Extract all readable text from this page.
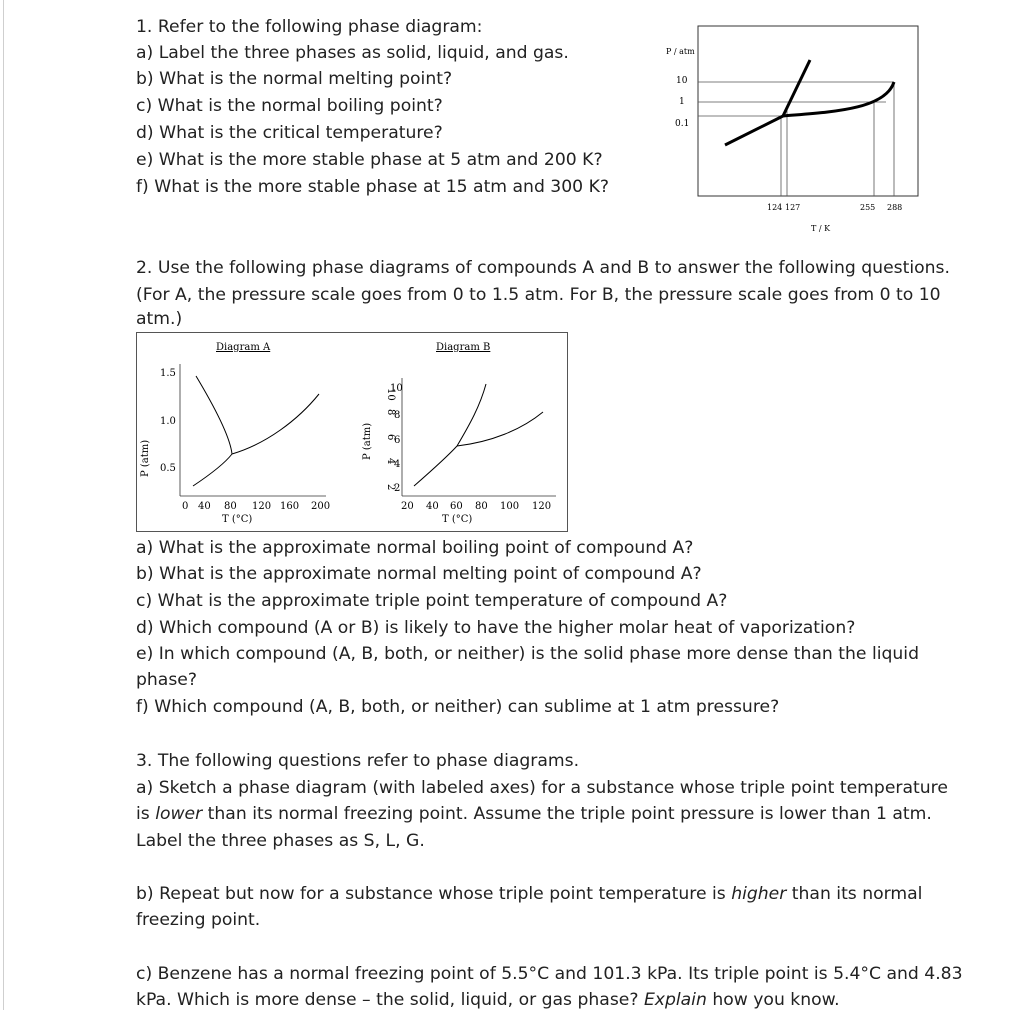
1. Refer to the following phase diagram:
a) Label the three phases as solid, liquid, and gas.
b) What is the normal melting point?
c) What is the normal boiling point?
d) What is the critical temperature?
e) What is the more stable phase at 5 atm and 200 K?
f) What is the more stable phase at 15 atm and 300 K?
P / atm
10
1
0.1
124 127	255 288
T / K
2. Use the following phase diagrams of compounds A and B to answer the following questions.
(For A, the pressure scale goes from 0 to 1.5 atm. For B, the pressure scale goes from 0 to 10
atm.)
Diagram A
P (atm)
1.5
1.0
0.5
0 40 80 120 160 200
T (°C)
Diagram B
P (atm)
10
8
6
4
2
10
8
6
4
2
20 40 60 80 100 120
T (°C)
a) What is the approximate normal boiling point of compound A?
b) What is the approximate normal melting point of compound A?
c) What is the approximate triple point temperature of compound A?
d) Which compound (A or B) is likely to have the higher molar heat of vaporization?
e) In which compound (A, B, both, or neither) is the solid phase more dense than the liquid
phase?
f) Which compound (A, B, both, or neither) can sublime at 1 atm pressure?
3. The following questions refer to phase diagrams.
a) Sketch a phase diagram (with labeled axes) for a substance whose triple point temperature
is lower than its normal freezing point. Assume the triple point pressure is lower than 1 atm.
Label the three phases as S, L, G.
b) Repeat but now for a substance whose triple point temperature is higher than its normal
freezing point.
c) Benzene has a normal freezing point of 5.5°C and 101.3 kPa. Its triple point is 5.4°C and 4.83
kPa. Which is more dense – the solid, liquid, or gas phase? Explain how you know.
